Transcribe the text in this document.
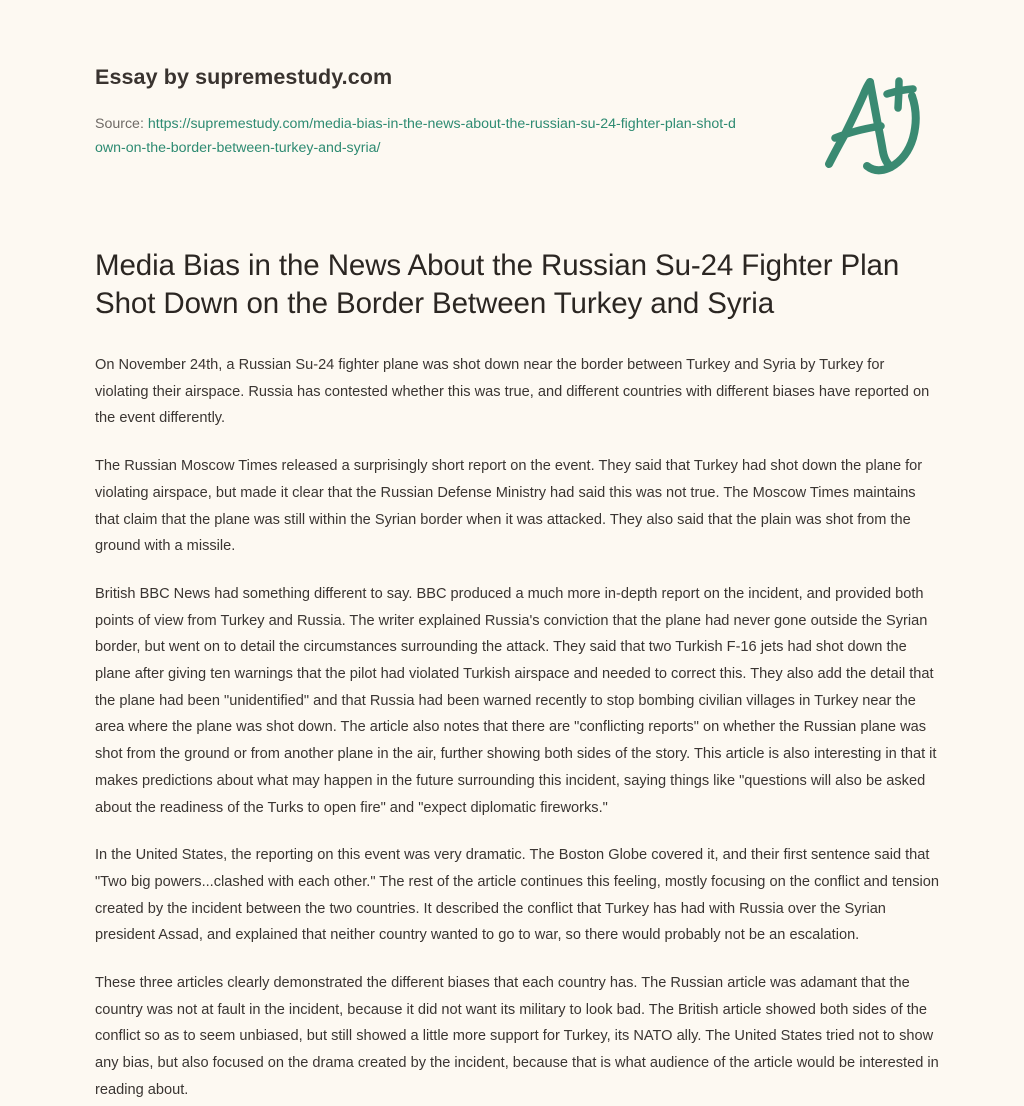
Essay by supremestudy.com
Source: https://supremestudy.com/media-bias-in-the-news-about-the-russian-su-24-fighter-plan-shot-down-on-the-border-between-turkey-and-syria/
Media Bias in the News About the Russian Su-24 Fighter Plan Shot Down on the Border Between Turkey and Syria

On November 24th, a Russian Su-24 fighter plane was shot down near the border between Turkey and Syria by Turkey for violating their airspace. Russia has contested whether this was true, and different countries with different biases have reported on the event differently.

The Russian Moscow Times released a surprisingly short report on the event. They said that Turkey had shot down the plane for violating airspace, but made it clear that the Russian Defense Ministry had said this was not true. The Moscow Times maintains that claim that the plane was still within the Syrian border when it was attacked. They also said that the plain was shot from the ground with a missile.

British BBC News had something different to say. BBC produced a much more in-depth report on the incident, and provided both points of view from Turkey and Russia. The writer explained Russia's conviction that the plane had never gone outside the Syrian border, but went on to detail the circumstances surrounding the attack. They said that two Turkish F-16 jets had shot down the plane after giving ten warnings that the pilot had violated Turkish airspace and needed to correct this. They also add the detail that the plane had been "unidentified" and that Russia had been warned recently to stop bombing civilian villages in Turkey near the area where the plane was shot down. The article also notes that there are "conflicting reports" on whether the Russian plane was shot from the ground or from another plane in the air, further showing both sides of the story. This article is also interesting in that it makes predictions about what may happen in the future surrounding this incident, saying things like "questions will also be asked about the readiness of the Turks to open fire" and "expect diplomatic fireworks."

In the United States, the reporting on this event was very dramatic. The Boston Globe covered it, and their first sentence said that "Two big powers...clashed with each other." The rest of the article continues this feeling, mostly focusing on the conflict and tension created by the incident between the two countries. It described the conflict that Turkey has had with Russia over the Syrian president Assad, and explained that neither country wanted to go to war, so there would probably not be an escalation.

These three articles clearly demonstrated the different biases that each country has. The Russian article was adamant that the country was not at fault in the incident, because it did not want its military to look bad. The British article showed both sides of the conflict so as to seem unbiased, but still showed a little more support for Turkey, its NATO ally. The United States tried not to show any bias, but also focused on the drama created by the incident, because that is what audience of the article would be interested in reading about.
